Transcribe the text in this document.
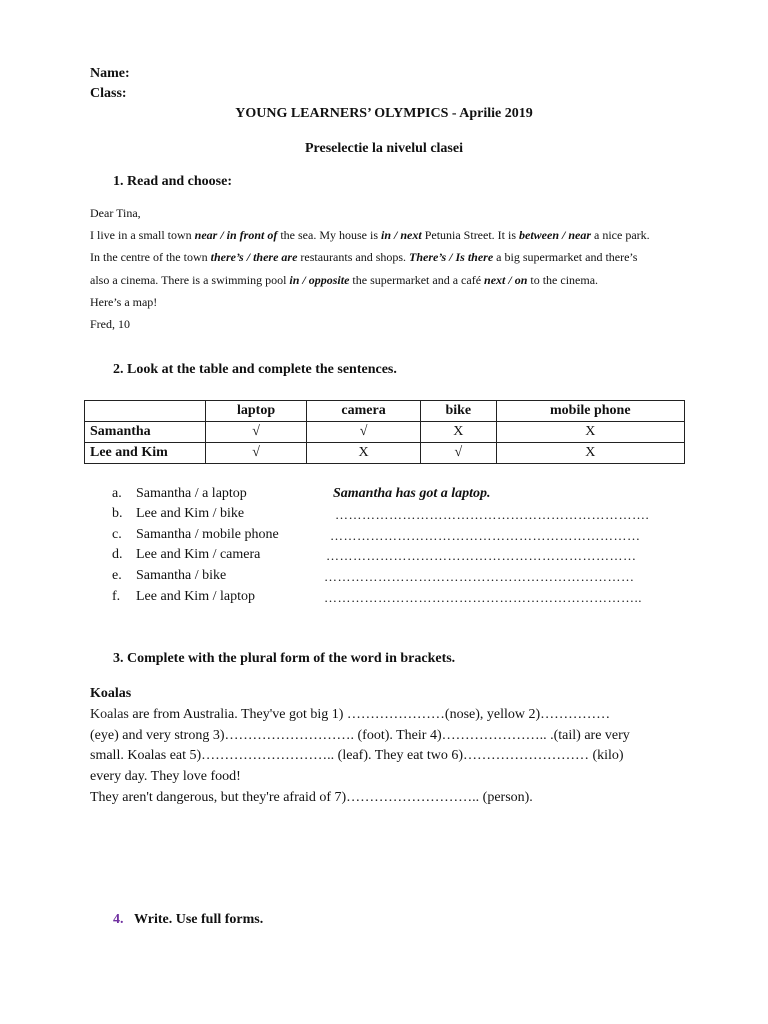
Name:
Class:
YOUNG LEARNERS’ OLYMPICS - Aprilie 2019
Preselectie la nivelul clasei
1. Read and choose:
Dear Tina,
I live in a small town near / in front of the sea. My house is in / next Petunia Street. It is between / near a nice park.
In the centre of the town there’s / there are restaurants and shops. There’s / Is there a big supermarket and there’s
also a cinema. There is a swimming pool in / opposite the supermarket and a café next / on to the cinema.
Here’s a map!
Fred, 10
2. Look at the table and complete the sentences.
	laptop	camera	bike	mobile phone
Samantha	√	√	X	X
Lee and Kim	√	X	√	X
a. Samantha / a laptop	Samantha has got a laptop.
b. Lee and Kim / bike	…………………………………………………………….
c. Samantha / mobile phone	……………………………………………………………
d. Lee and Kim / camera	……………………………………………………………
e. Samantha / bike	……………………………………………………………
f. Lee and Kim / laptop	……………………………………………………………..
3. Complete with the plural form of the word in brackets.
Koalas
Koalas are from Australia. They've got big 1) …………………(nose), yellow 2)……………
(eye) and very strong 3)………………………. (foot). Their 4)………………….. .(tail) are very
small. Koalas eat 5)……………………….. (leaf). They eat two 6)……………………… (kilo)
every day. They love food!
They aren't dangerous, but they're afraid of 7)……………………….. (person).
4. Write. Use full forms.
